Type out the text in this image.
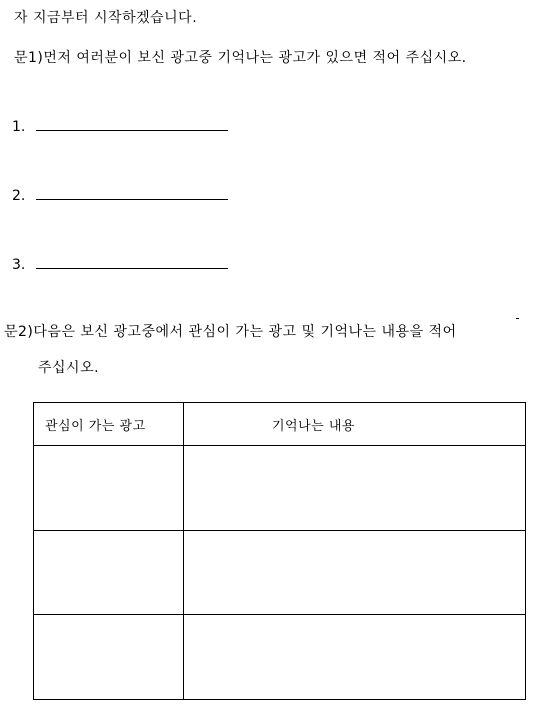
자 지금부터 시작하겠습니다.
문1)먼저 여러분이 보신 광고중 기억나는 광고가 있으면 적어 주십시오.
1.
2.
3.
문2)다음은 보신 광고중에서 관심이 가는 광고 및 기억나는 내용을 적어
주십시오.
관심이 가는 광고	기억나는 내용
